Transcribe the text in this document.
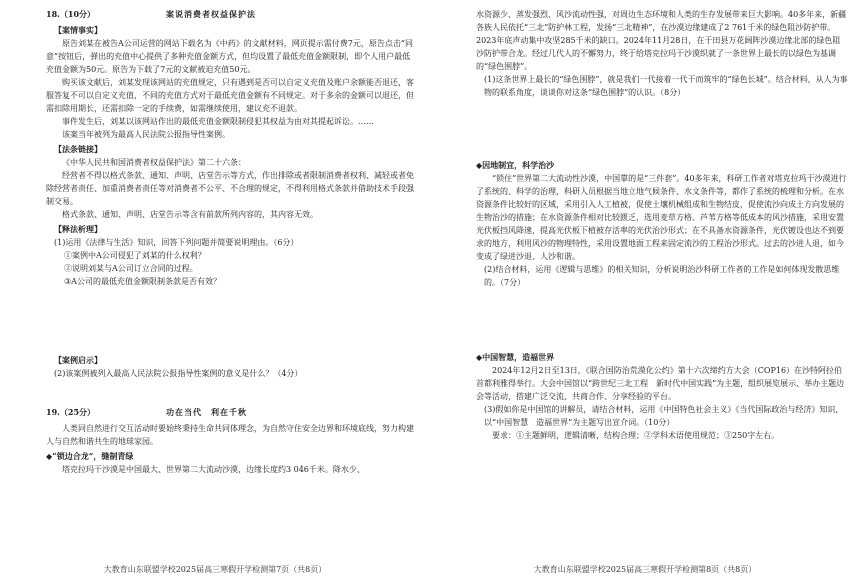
18.（10分）	案说消费者权益保护法

【案情事实】

原告刘某在被告A公司运营的网站下载名为《中药》的文献材料，网页提示需付费7元，原告点击“同意”按钮后，弹出的充值中心提供了多种充值金额方式，但均设置了最低充值金额限制，即个人用户最低充值金额为50元。原告为下载了7元的文献被迫充值50元。

购买该文献后，刘某发现该网站的充值规定，只有遇到是否可以自定义充值及账户余额能否退还，客服答复不可以自定义充值，不同的充值方式对于最低充值金额有不同规定。对于多余的金额可以退还，但需扣除用期长，还需扣除一定的手续费，如需继续使用，建议充不退款。

事件发生后，刘某以该网站作出的最低充值金额限制侵犯其权益为由对其提起诉讼。……

该案当年被列为最高人民法院公报指导性案例。

【法条链接】

《中华人民共和国消费者权益保护法》第二十六条：

经营者不得以格式条款、通知、声明、店堂告示等方式，作出排除或者限制消费者权利、减轻或者免除经营者责任、加重消费者责任等对消费者不公平、不合理的规定，不得利用格式条款并借助技术手段强制交易。

格式条款、通知、声明、店堂告示等含有前款所列内容的，其内容无效。

【释法析理】

(1)运用《法律与生活》知识，回答下列问题并简要说明理由。（6分）

①案例中A公司侵犯了刘某的什么权利？

②说明刘某与A公司订立合同的过程。

③A公司的最低充值金额限制条款是否有效？

【案例启示】

(2)该案例被列入最高人民法院公报指导性案例的意义是什么？（4分）

19.（25分）	功在当代　利在千秋

人类同自然进行交互活动时要始终秉持生命共同体理念，为自然守住安全边界和环境底线，努力构建人与自然和谐共生的地球家园。

◆“锁边合龙”，缝制青绿

塔克拉玛干沙漠是中国最大、世界第二大流动沙漠，边缘长度约3 046千米。降水少、

大教育山东联盟学校2025届高三寒假开学检测第7页（共8页）

水资源少、蒸发强烈、风沙流动性强，对周边生态环境和人类的生存发展带来巨大影响。40多年来，新疆各族人民依托“三北”防护林工程，发扬“三北精神”，在沙漠边缘建成了2 761千米的绿色阻沙防护带。2023年底声动集中攻坚285千米的缺口。2024年11月28日，在于田县万花阔阵沙漠边缘北部的绿色阻沙防护带合龙。经过几代人的不懈努力，终于给塔克拉玛干沙漠织就了一条世界上最长的以绿色为基调的“绿色围脖”。

(1)这条世界上最长的“绿色围脖”，就是我们一代接着一代干而筑牢的“绿色长城”。结合材料，从人为事物的联系角度，谈谈你对这条“绿色围脖”的认识。（8分）

◆因地制宜，科学治沙

“锁住”世界第二大流动性沙漠，中国靠的是“三件套”。40多年来，科研工作者对塔克拉玛干沙漠进行了系统的、科学的治理，科研人员根据当地立地气候条件、水文条件等，都作了系统的梳理和分析。在水资源条件比较好的区域，采用引入人工植被，促使土壤机械组成和生物结皮，促使流沙向成土方向发展的生物治沙的措施；在水资源条件相对比较匮乏，选用麦草方格、芦苇方格等低成本的风沙措施，采用安置光伏板挡风降速，提高光伏板下植被存活率的光伏治沙形式；在不具备水资源条件，光伏镀设也达不到要求的地方，利用风沙的物理特性，采用设置地面工程来固定流沙的工程治沙形式。过去的沙进人退，如今变成了绿进沙退、人沙和谐。

(2)结合材料，运用《逻辑与思维》的相关知识，分析说明治沙科研工作者的工作是如何体现发散思维的。（7分）

◆中国智慧，造福世界

2024年12月2日至13日，《联合国防治荒漠化公约》第十六次缔约方大会（COP16）在沙特阿拉伯首都利雅得举行。大会中国馆以“跨世纪三北工程　新时代中国实践”为主题，组织展览展示、举办主题边会等活动，搭建广泛交流、共商合作、分享经验的平台。

(3)假如你是中国馆的讲解员，请结合材料，运用《中国特色社会主义》《当代国际政治与经济》知识，以“中国智慧　造福世界”为主题写出宣介词。（10分）

要求：①主题鲜明，逻辑清晰，结构合理；②学科术语使用规范；③250字左右。

大教育山东联盟学校2025届高三寒假开学检测第8页（共8页）
